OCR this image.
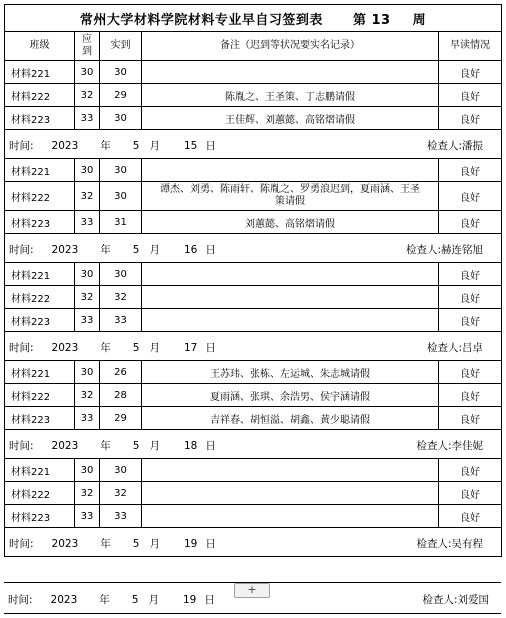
常州大学材料学院材料专业早自习签到表 第 13 周				
班级	应到	实到	备注（迟到等状况要实名记录）	早读情况
材料221	30	30		良好
材料222	32	29	陈胤之、王圣策、丁志鹏请假	良好
材料223	33	30	王佳辉、刘蕙懿、高铭熠请假	良好

时间: 2023 年 5 月 15 日 检查人:潘振				

材料221	30	30		良好
材料222	32	30	谭杰、刘勇、陈雨轩、陈胤之、罗勇浪迟到，夏雨涵、王圣策请假	良好
材料223	33	31	刘蕙懿、高铭熠请假	良好

时间: 2023 年 5 月 16 日 检查人:赫连铭旭				

材料221	30	30		良好
材料222	32	32		良好
材料223	33	33		良好

时间: 2023 年 5 月 17 日 检查人:吕卓				

材料221	30	26	王苏玮、张栋、左运城、朱志城请假	良好
材料222	32	28	夏雨涵、张琪、余浩男、侯宇涵请假	良好
材料223	33	29	吉祥春、胡恒溢、胡鑫、黄少聪请假	良好

时间: 2023 年 5 月 18 日 检查人:李佳妮				

材料221	30	30		良好
材料222	32	32		良好
材料223	33	33		良好

时间: 2023 年 5 月 19 日 检查人:吴有程				
时间: 2023 年 5 月 19 日	检查人:刘爱国
+
